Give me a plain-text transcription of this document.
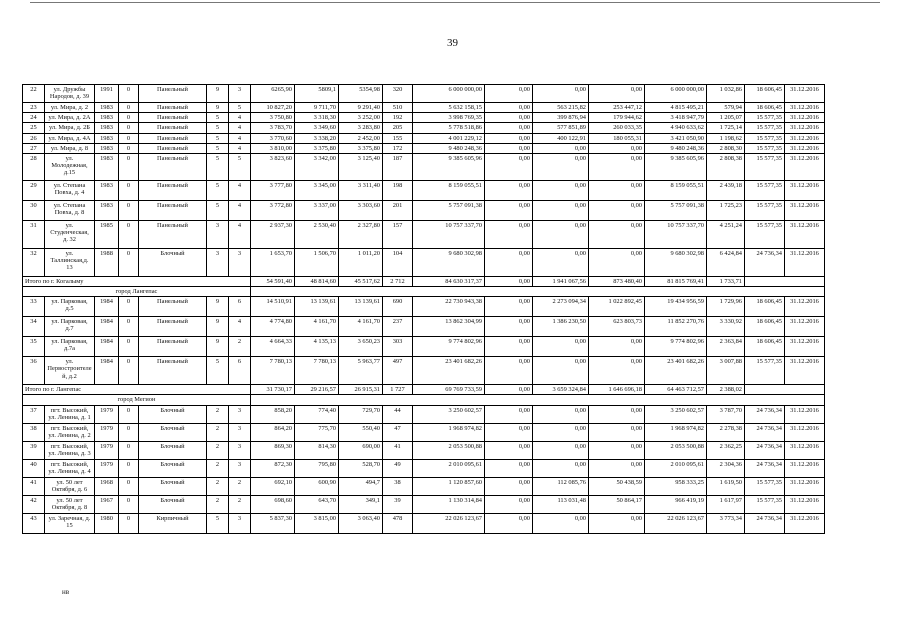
39
22	ул. Дружбы Народов, д. 39	1991	0	Панельный	9	3	6265,90	5809,1	5354,98	320	6 000 000,00	0,00	0,00	0,00	6 000 000,00	1 032,86	18 606,45	31.12.2016
23	ул. Мира, д. 2	1983	0	Панельный	9	5	10 827,20	9 711,70	9 291,40	510	5 632 158,15	0,00	563 215,82	253 447,12	4 815 495,21	579,94	18 606,45	31.12.2016
24	ул. Мира, д. 2А	1983	0	Панельный	5	4	3 750,80	3 318,30	3 252,00	192	3 998 769,35	0,00	399 876,94	179 944,62	3 418 947,79	1 205,07	15 577,35	31.12.2016
25	ул. Мира, д. 2Б	1983	0	Панельный	5	4	3 783,70	3 349,60	3 283,80	205	5 778 518,86	0,00	577 851,89	260 033,35	4 940 633,62	1 725,14	15 577,35	31.12.2016
26	ул. Мира, д. 4А	1983	0	Панельный	5	4	3 770,60	3 338,20	2 452,00	155	4 001 229,12	0,00	400 122,91	180 055,31	3 421 050,90	1 198,62	15 577,35	31.12.2016
27	ул. Мира, д. 8	1983	0	Панельный	5	4	3 810,00	3 375,80	3 375,80	172	9 480 248,36	0,00	0,00	0,00	9 480 248,36	2 808,30	15 577,35	31.12.2016
28	ул. Молодежная, д.15	1983	0	Панельный	5	5	3 823,60	3 342,00	3 125,40	187	9 385 605,96	0,00	0,00	0,00	9 385 605,96	2 808,38	15 577,35	31.12.2016
29	ул. Степана Повха, д. 4	1983	0	Панельный	5	4	3 777,80	3 345,00	3 311,40	198	8 159 055,51	0,00	0,00	0,00	8 159 055,51	2 439,18	15 577,35	31.12.2016
30	ул. Степана Повха, д. 8	1983	0	Панельный	5	4	3 772,80	3 337,00	3 303,60	201	5 757 091,38	0,00	0,00	0,00	5 757 091,38	1 725,23	15 577,35	31.12.2016
31	ул. Студенческая, д. 32	1985	0	Панельный	3	4	2 937,30	2 530,40	2 327,80	157	10 757 337,70	0,00	0,00	0,00	10 757 337,70	4 251,24	15 577,35	31.12.2016
32	ул. Таллинская,д. 13	1988	0	Блочный	3	3	1 653,70	1 506,70	1 011,20	104	9 680 302,98	0,00	0,00	0,00	9 680 302,98	6 424,84	24 736,34	31.12.2016
Итого по г. Когалыму							54 591,40	48 814,60	45 517,62	2 712	84 630 317,37	0,00	1 941 067,56	873 480,40	81 815 769,41	1 733,71		
город Лангепас																		
33	ул. Парковая, д.5	1984	0	Панельный	9	6	14 510,91	13 139,61	13 139,61	690	22 730 943,38	0,00	2 273 094,34	1 022 892,45	19 434 956,59	1 729,96	18 606,45	31.12.2016
34	ул. Парковая, д.7	1984	0	Панельный	9	4	4 774,80	4 161,70	4 161,70	237	13 862 304,99	0,00	1 386 230,50	623 803,73	11 852 270,76	3 330,92	18 606,45	31.12.2016
35	ул. Парковая, д.7а	1984	0	Панельный	9	2	4 664,33	4 135,13	3 650,23	303	9 774 802,96	0,00	0,00	0,00	9 774 802,96	2 363,84	18 606,45	31.12.2016
36	ул. Первостроителей, д.2	1984	0	Панельный	5	6	7 780,13	7 780,13	5 963,77	497	23 401 682,26	0,00	0,00	0,00	23 401 682,26	3 007,88	15 577,35	31.12.2016
Итого по г. Лангепас							31 730,17	29 216,57	26 915,31	1 727	69 769 733,59	0,00	3 659 324,84	1 646 696,18	64 463 712,57	2 388,02		
город Мегион																		
37	пгт. Высокий, ул. Ленина, д. 1	1979	0	Блочный	2	3	858,20	774,40	729,70	44	3 250 602,57	0,00	0,00	0,00	3 250 602,57	3 787,70	24 736,34	31.12.2016
38	пгт. Высокий, ул. Ленина, д. 2	1979	0	Блочный	2	3	864,20	775,70	550,40	47	1 968 974,82	0,00	0,00	0,00	1 968 974,82	2 278,38	24 736,34	31.12.2016
39	пгт. Высокий, ул. Ленина, д. 3	1979	0	Блочный	2	3	869,30	814,30	690,00	41	2 053 500,88	0,00	0,00	0,00	2 053 500,88	2 362,25	24 736,34	31.12.2016
40	пгт. Высокий, ул. Ленина, д. 4	1979	0	Блочный	2	3	872,30	795,80	528,70	49	2 010 095,61	0,00	0,00	0,00	2 010 095,61	2 304,36	24 736,34	31.12.2016
41	ул. 50 лет Октября, д. 6	1968	0	Блочный	2	2	692,10	600,90	494,7	38	1 120 857,60	0,00	112 085,76	50 438,59	958 333,25	1 619,50	15 577,35	31.12.2016
42	ул. 50 лет Октября, д. 8	1967	0	Блочный	2	2	698,60	643,70	349,1	39	1 130 314,84	0,00	113 031,48	50 864,17	966 419,19	1 617,97	15 577,35	31.12.2016
43	ул. Заречная, д. 15	1980	0	Кирпичный	5	3	5 837,30	3 815,00	3 063,40	478	22 026 123,67	0,00	0,00	0,00	22 026 123,67	3 773,34	24 736,34	31.12.2016
нв
